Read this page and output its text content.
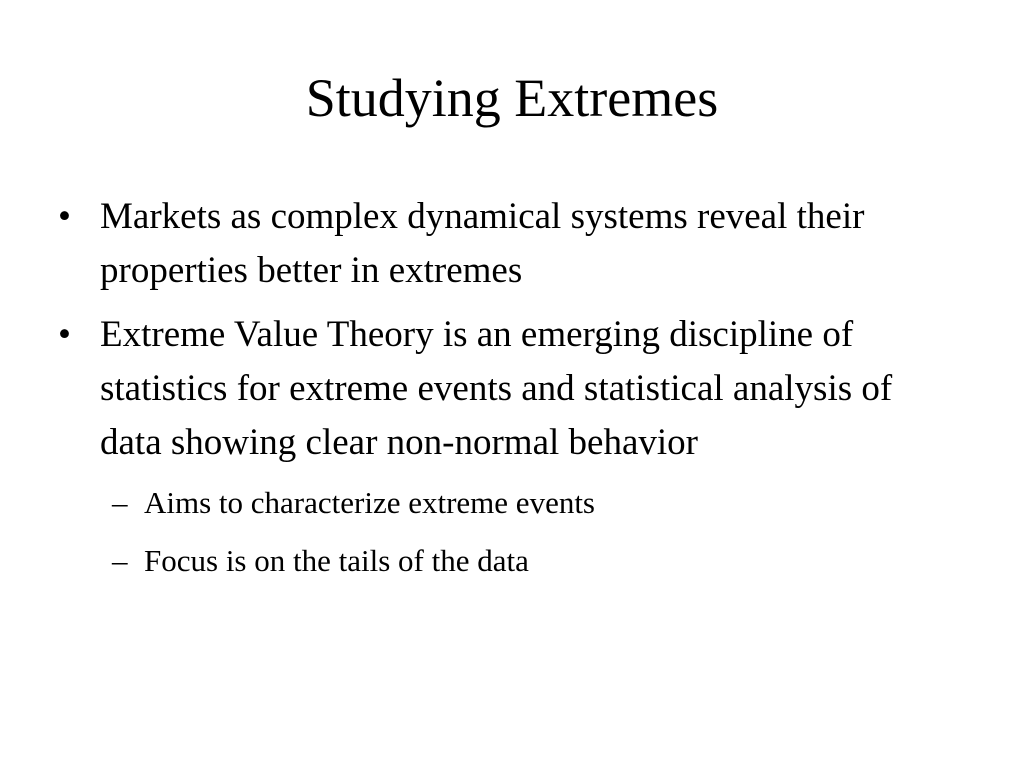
Studying Extremes
• Markets as complex dynamical systems reveal their properties better in extremes
• Extreme Value Theory is an emerging discipline of statistics for extreme events and statistical analysis of data showing clear non-normal behavior
– Aims to characterize extreme events
– Focus is on the tails of the data
